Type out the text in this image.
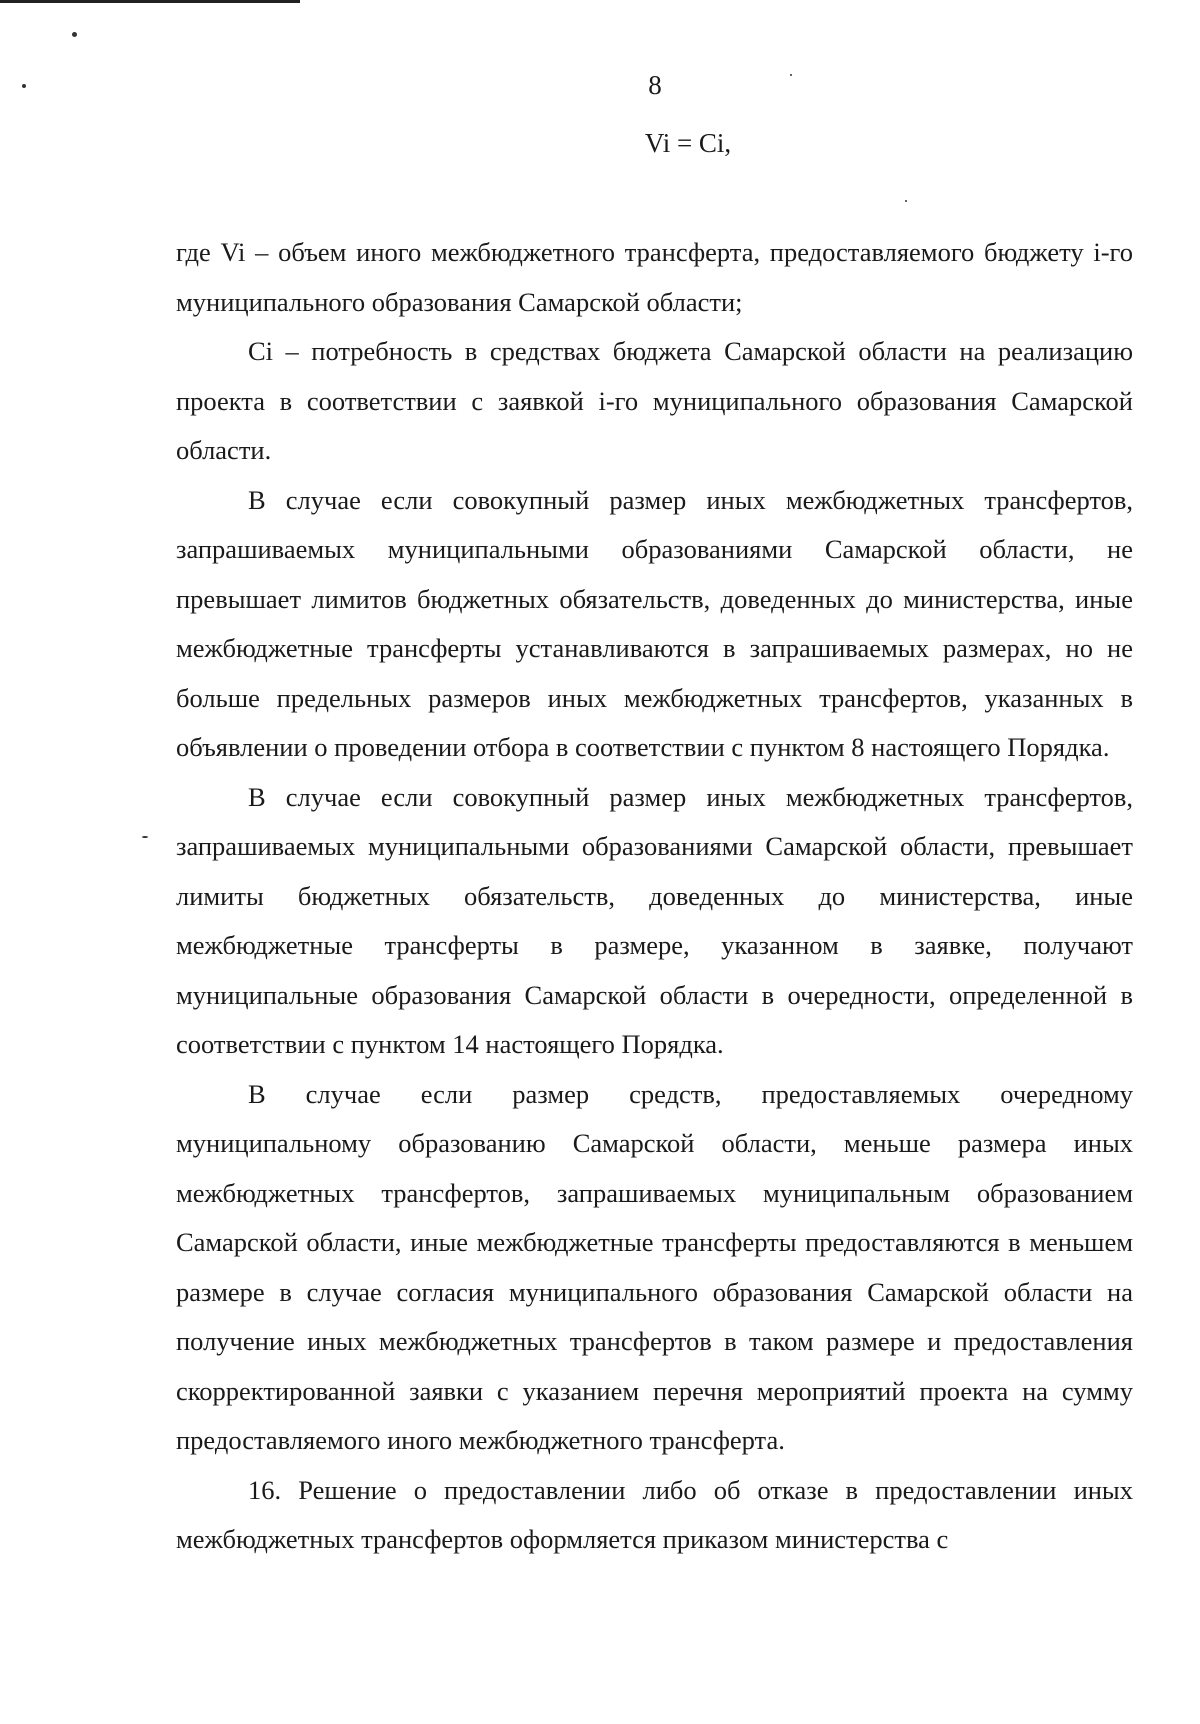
8
Vi = Ci,

где Vi – объем иного межбюджетного трансферта, предоставляемого бюджету i-го муниципального образования Самарской области;

Ci – потребность в средствах бюджета Самарской области на реализацию проекта в соответствии с заявкой i-го муниципального образования Самарской области.

В случае если совокупный размер иных межбюджетных трансфертов, запрашиваемых муниципальными образованиями Самарской области, не превышает лимитов бюджетных обязательств, доведенных до министерства, иные межбюджетные трансферты устанавливаются в запрашиваемых размерах, но не больше предельных размеров иных межбюджетных трансфертов, указанных в объявлении о проведении отбора в соответствии с пунктом 8 настоящего Порядка.

В случае если совокупный размер иных межбюджетных трансфертов, запрашиваемых муниципальными образованиями Самарской области, превышает лимиты бюджетных обязательств, доведенных до министерства, иные межбюджетные трансферты в размере, указанном в заявке, получают муниципальные образования Самарской области в очередности, определенной в соответствии с пунктом 14 настоящего Порядка.

В случае если размер средств, предоставляемых очередному муниципальному образованию Самарской области, меньше размера иных межбюджетных трансфертов, запрашиваемых муниципальным образованием Самарской области, иные межбюджетные трансферты предоставляются в меньшем размере в случае согласия муниципального образования Самарской области на получение иных межбюджетных трансфертов в таком размере и предоставления скорректированной заявки с указанием перечня мероприятий проекта на сумму предоставляемого иного межбюджетного трансферта.

16. Решение о предоставлении либо об отказе в предоставлении иных межбюджетных трансфертов оформляется приказом министерства с
